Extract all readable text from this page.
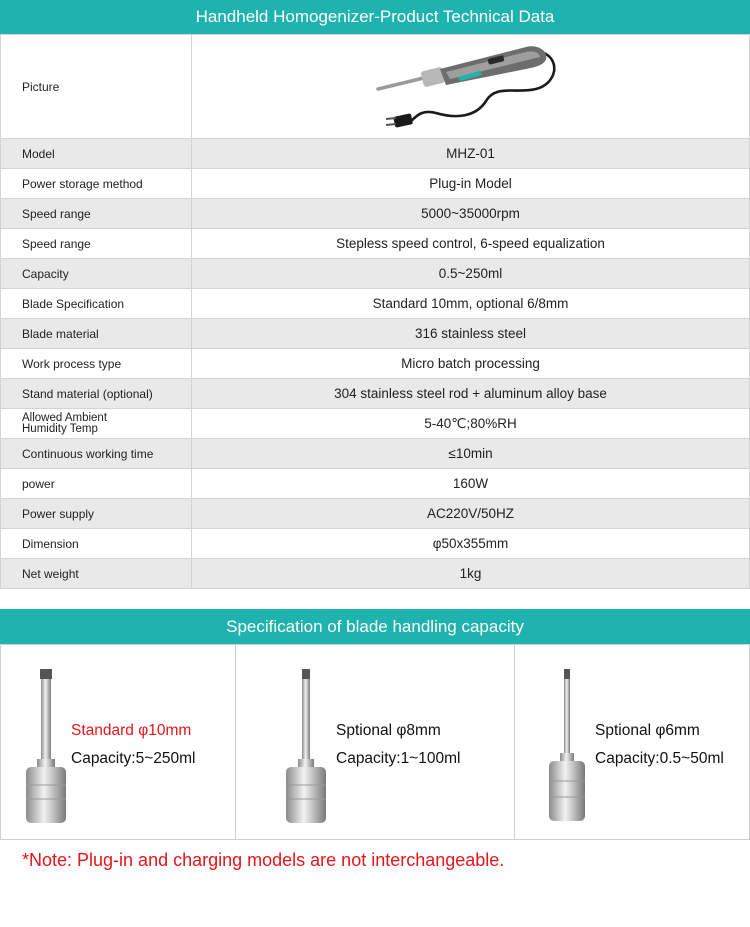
Handheld Homogenizer-Product Technical Data
Picture	

Model	MHZ-01
Power storage method	Plug-in Model
Speed range	5000~35000rpm
Speed range	Stepless speed control, 6-speed equalization
Capacity	0.5~250ml
Blade Specification	Standard 10mm, optional 6/8mm
Blade material	316 stainless steel
Work process type	Micro batch processing
Stand material (optional)	304 stainless steel rod + aluminum alloy base

Allowed Ambient
Humidity Temp	5-40℃;80%RH
Continuous working time	≤10min
power	160W
Power supply	AC220V/50HZ
Dimension	φ50x355mm
Net weight	1kg
Specification of blade handling capacity
Standard φ10mm
Capacity:5~250ml
Sptional φ8mm
Capacity:1~100ml
Sptional φ6mm
Capacity:0.5~50ml
*Note: Plug-in and charging models are not interchangeable.
